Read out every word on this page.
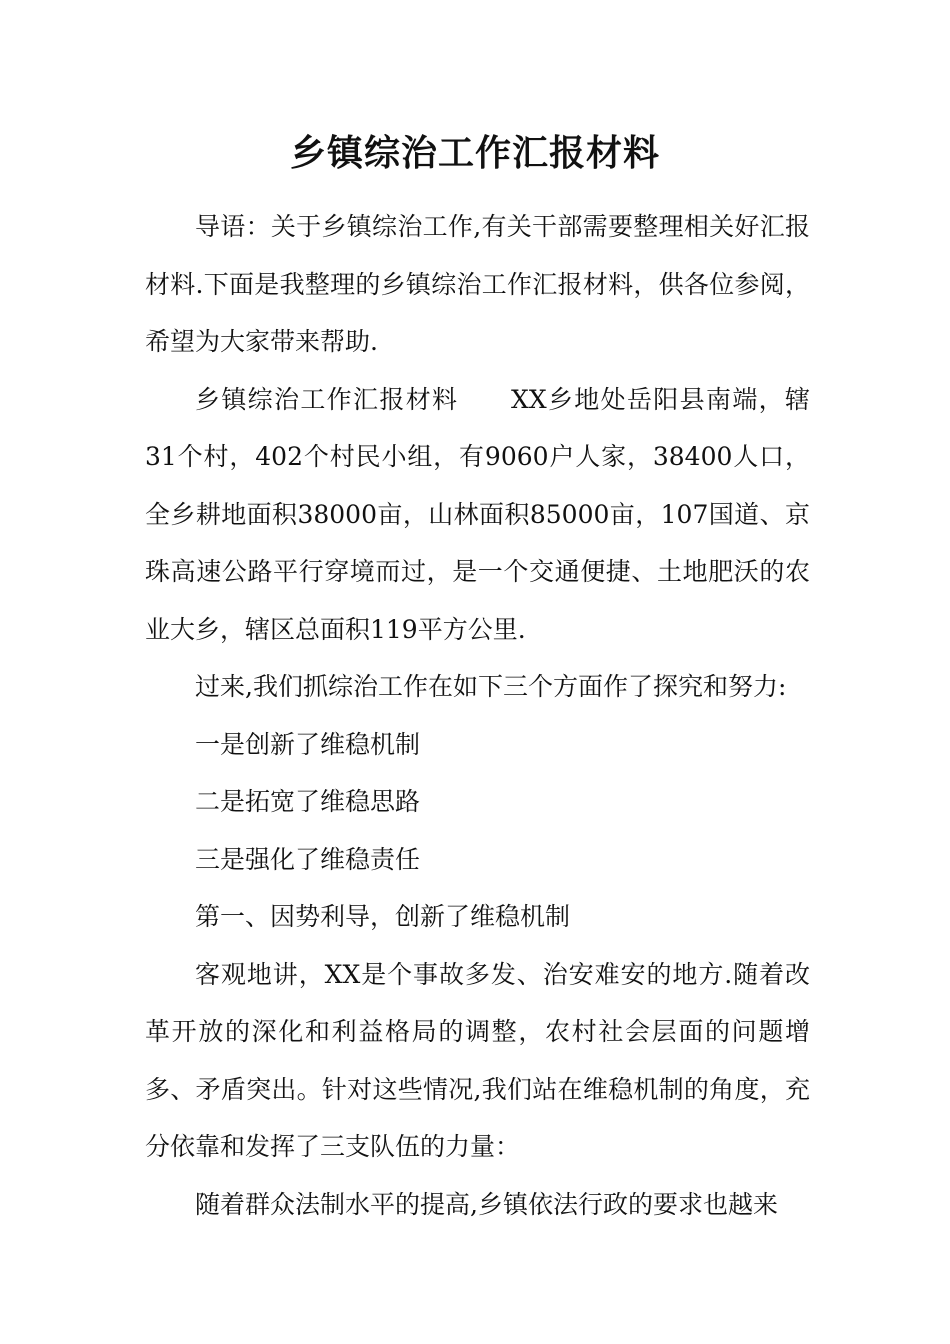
乡镇综治工作汇报材料

导语：关于乡镇综治工作,有关干部需要整理相关好汇报材料.下面是我整理的乡镇综治工作汇报材料，供各位参阅，希望为大家带来帮助.

乡镇综治工作汇报材料　　XX乡地处岳阳县南端，辖31个村，402个村民小组，有9060户人家，38400人口，全乡耕地面积38000亩，山林面积85000亩，107国道、京珠高速公路平行穿境而过，是一个交通便捷、土地肥沃的农业大乡，辖区总面积119平方公里.

过来,我们抓综治工作在如下三个方面作了探究和努力:

一是创新了维稳机制

二是拓宽了维稳思路

三是强化了维稳责任

第一、因势利导，创新了维稳机制

客观地讲，XX是个事故多发、治安难安的地方.随着改革开放的深化和利益格局的调整，农村社会层面的问题增多、矛盾突出。针对这些情况,我们站在维稳机制的角度，充分依靠和发挥了三支队伍的力量：

随着群众法制水平的提高,乡镇依法行政的要求也越来
